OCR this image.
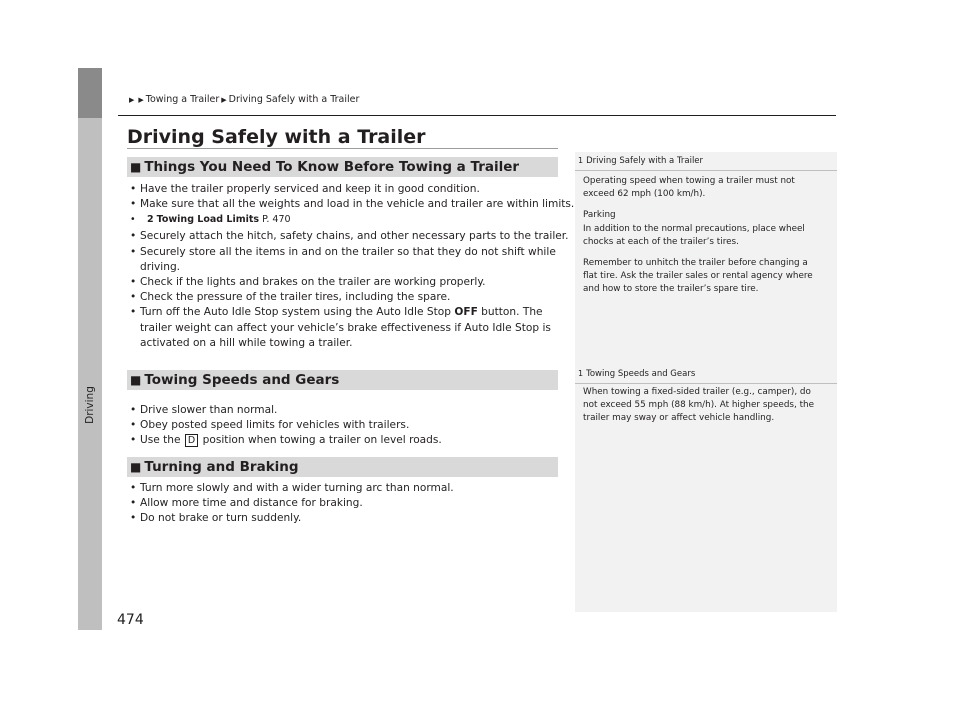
Driving
▶ ▶ Towing a Trailer ▶ Driving Safely with a Trailer
Driving Safely with a Trailer
■ Things You Need To Know Before Towing a Trailer
• Have the trailer properly serviced and keep it in good condition.
• Make sure that all the weights and load in the vehicle and trailer are within limits.
• 2 Towing Load Limits P. 470
• Securely attach the hitch, safety chains, and other necessary parts to the trailer.
• Securely store all the items in and on the trailer so that they do not shift while
driving.
• Check if the lights and brakes on the trailer are working properly.
• Check the pressure of the trailer tires, including the spare.
• Turn off the Auto Idle Stop system using the Auto Idle Stop OFF button. The
trailer weight can affect your vehicle’s brake effectiveness if Auto Idle Stop is
activated on a hill while towing a trailer.
■ Towing Speeds and Gears
• Drive slower than normal.
• Obey posted speed limits for vehicles with trailers.
• Use the D position when towing a trailer on level roads.
■ Turning and Braking
• Turn more slowly and with a wider turning arc than normal.
• Allow more time and distance for braking.
• Do not brake or turn suddenly.
1 Driving Safely with a Trailer

Operating speed when towing a trailer must not
exceed 62 mph (100 km/h).

Parking
In addition to the normal precautions, place wheel
chocks at each of the trailer’s tires.

Remember to unhitch the trailer before changing a
flat tire. Ask the trailer sales or rental agency where
and how to store the trailer’s spare tire.

1 Towing Speeds and Gears

When towing a fixed-sided trailer (e.g., camper), do
not exceed 55 mph (88 km/h). At higher speeds, the
trailer may sway or affect vehicle handling.

474
